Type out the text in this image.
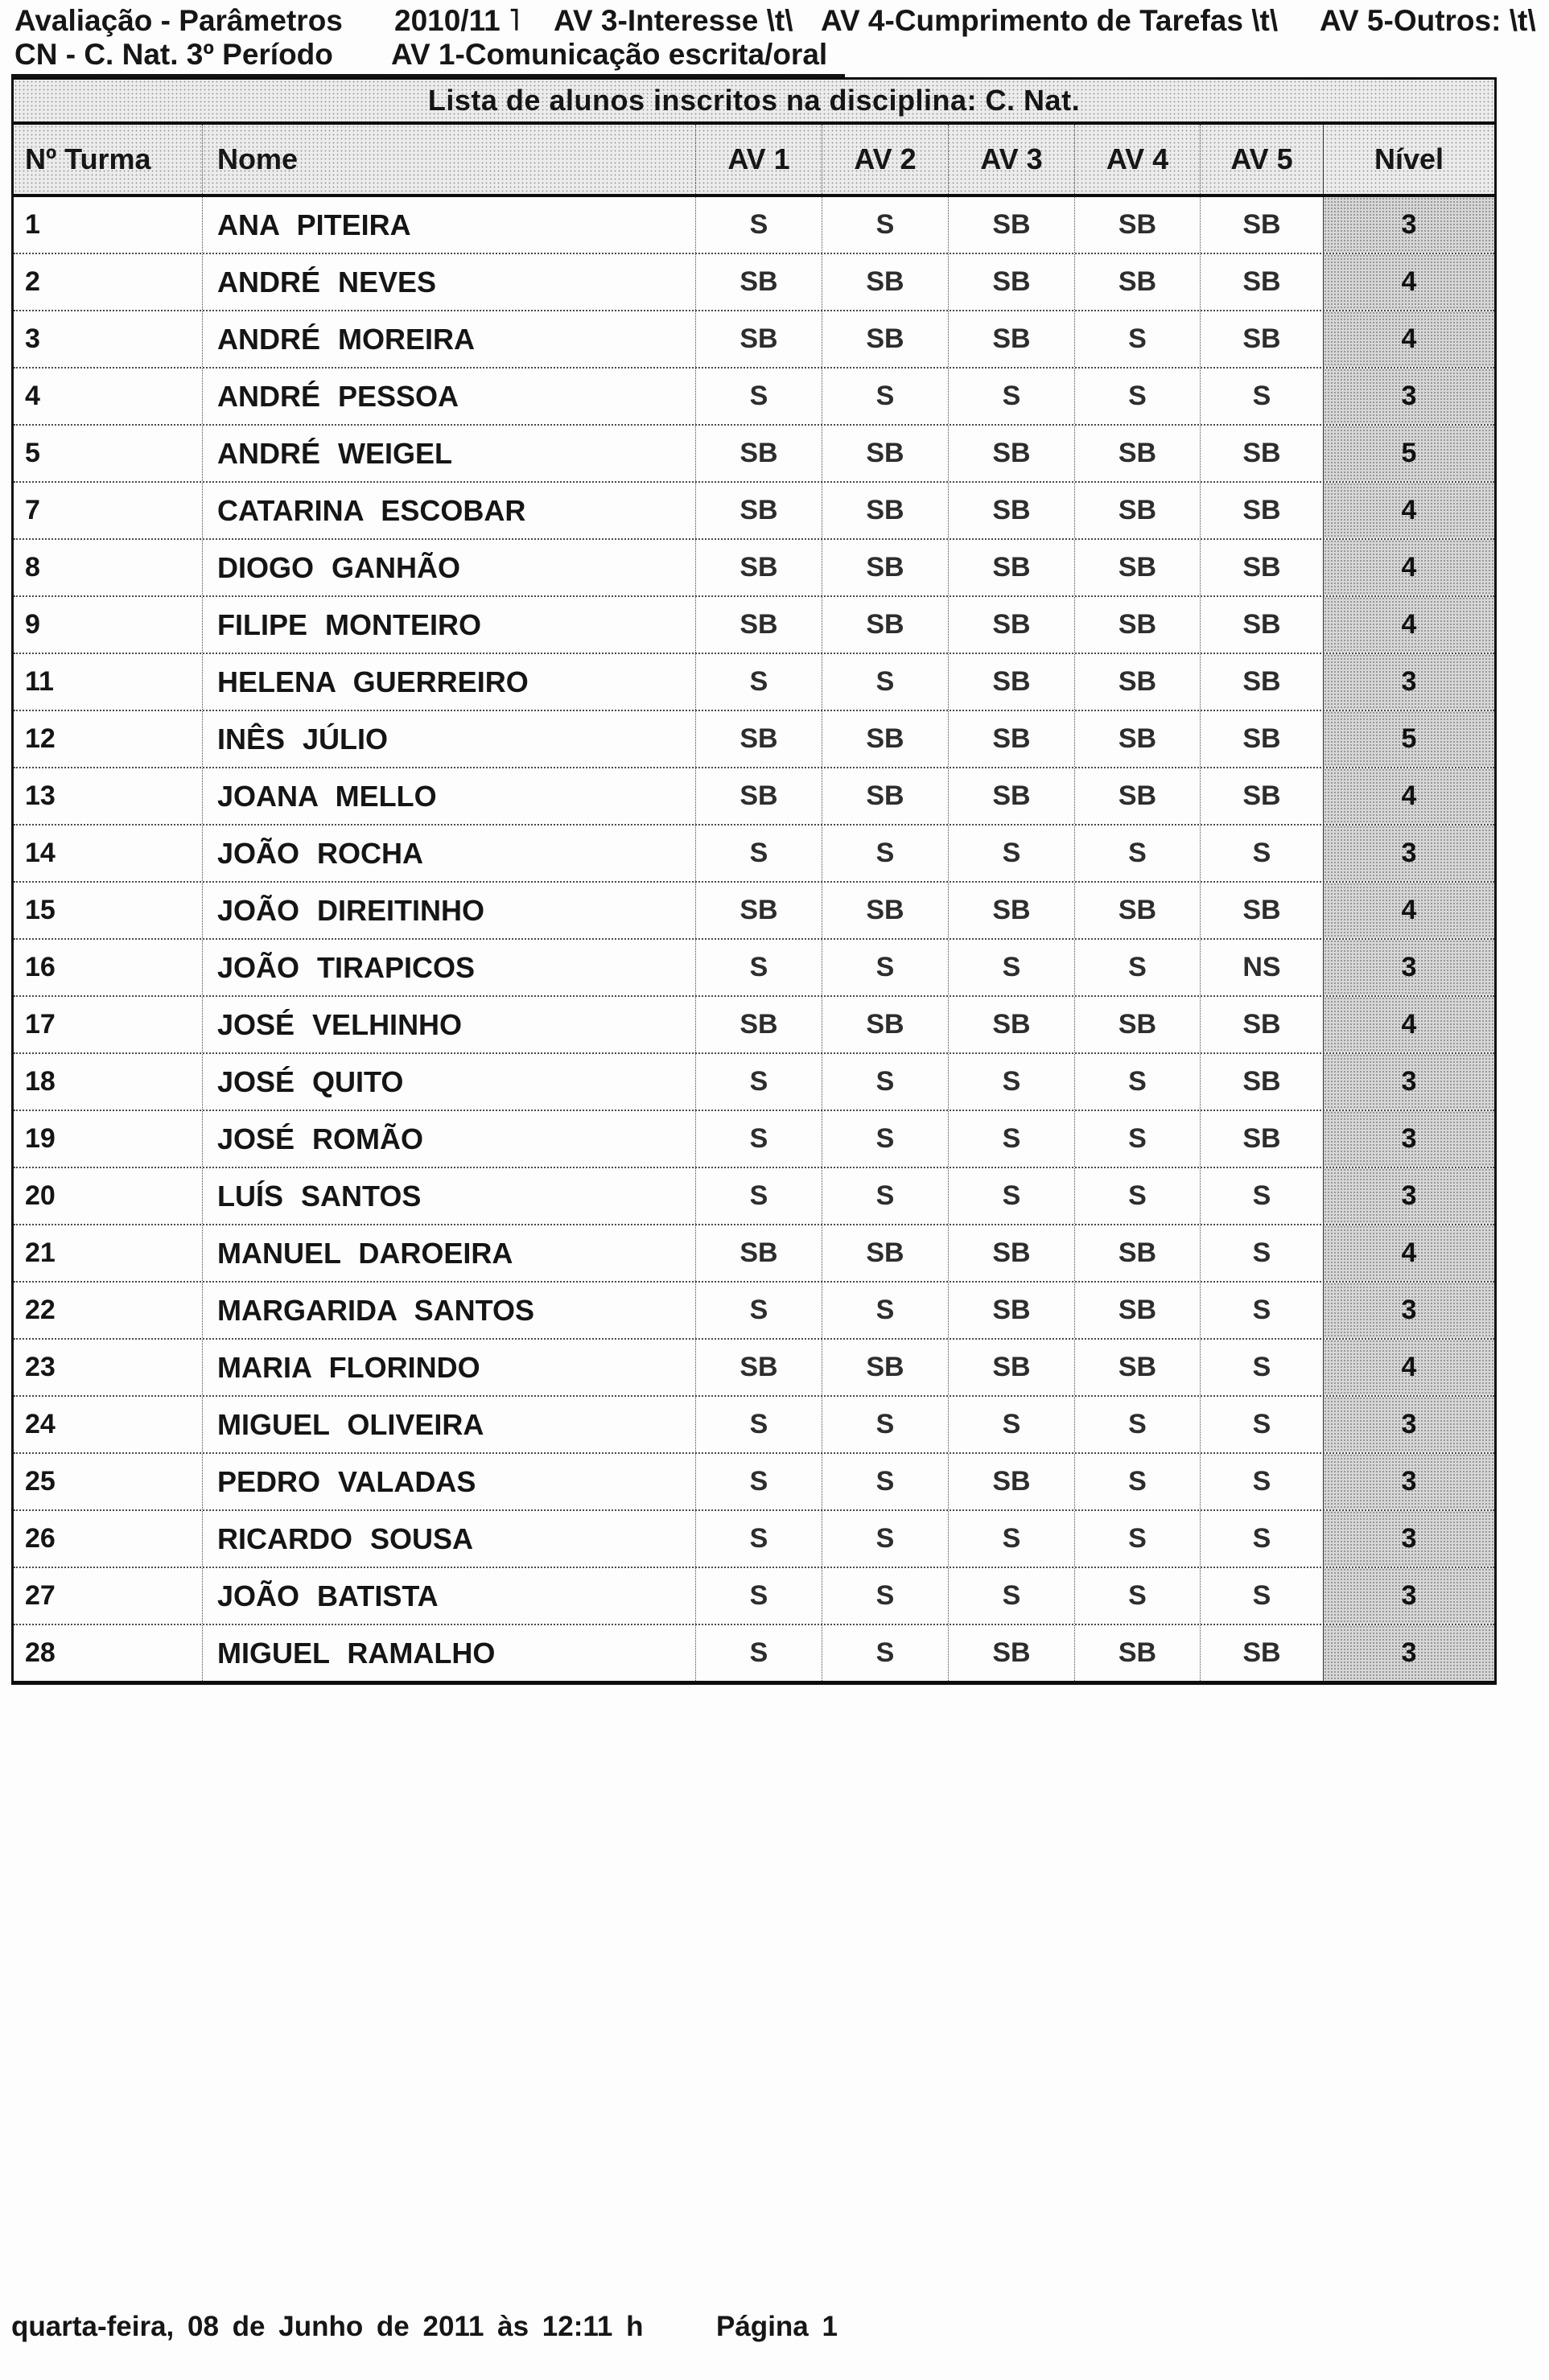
Avaliação - Parâmetros 2010/11 ˥ AV 3-Interesse \t\ AV 4-Cumprimento de Tarefas \t\ AV 5-Outros: \t\
CN - C. Nat. 3º Período AV 1-Comunicação escrita/oral
Lista de alunos inscritos na disciplina: C. Nat.
Nº Turma	Nome	AV 1	AV 2	AV 3	AV 4	AV 5	Nível
1	ANA PITEIRA	S	S	SB	SB	SB	3
2	ANDRÉ NEVES	SB	SB	SB	SB	SB	4
3	ANDRÉ MOREIRA	SB	SB	SB	S	SB	4
4	ANDRÉ PESSOA	S	S	S	S	S	3
5	ANDRÉ WEIGEL	SB	SB	SB	SB	SB	5
7	CATARINA ESCOBAR	SB	SB	SB	SB	SB	4
8	DIOGO GANHÃO	SB	SB	SB	SB	SB	4
9	FILIPE MONTEIRO	SB	SB	SB	SB	SB	4
11	HELENA GUERREIRO	S	S	SB	SB	SB	3
12	INÊS JÚLIO	SB	SB	SB	SB	SB	5
13	JOANA MELLO	SB	SB	SB	SB	SB	4
14	JOÃO ROCHA	S	S	S	S	S	3
15	JOÃO DIREITINHO	SB	SB	SB	SB	SB	4
16	JOÃO TIRAPICOS	S	S	S	S	NS	3
17	JOSÉ VELHINHO	SB	SB	SB	SB	SB	4
18	JOSÉ QUITO	S	S	S	S	SB	3
19	JOSÉ ROMÃO	S	S	S	S	SB	3
20	LUÍS SANTOS	S	S	S	S	S	3
21	MANUEL DAROEIRA	SB	SB	SB	SB	S	4
22	MARGARIDA SANTOS	S	S	SB	SB	S	3
23	MARIA FLORINDO	SB	SB	SB	SB	S	4
24	MIGUEL OLIVEIRA	S	S	S	S	S	3
25	PEDRO VALADAS	S	S	SB	S	S	3
26	RICARDO SOUSA	S	S	S	S	S	3
27	JOÃO BATISTA	S	S	S	S	S	3
28	MIGUEL RAMALHO	S	S	SB	SB	SB	3
quarta-feira, 08 de Junho de 2011 às 12:11 h	Página 1
